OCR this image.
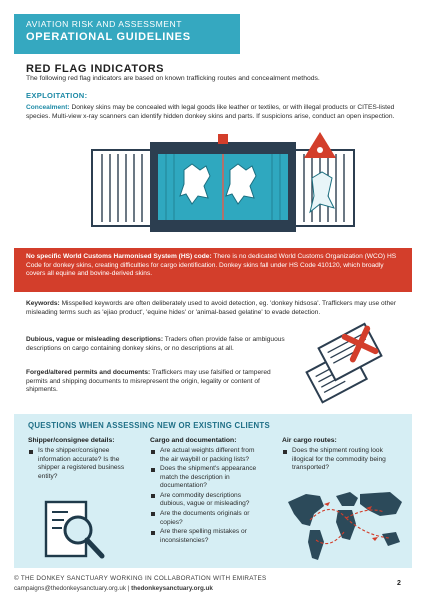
AVIATION RISK AND ASSESSMENT
OPERATIONAL GUIDELINES
RED FLAG INDICATORS
The following red flag indicators are based on known trafficking routes and concealment methods.
EXPLOITATION:
Concealment: Donkey skins may be concealed with legal goods like leather or textiles, or with illegal products or CITES-listed species. Multi-view x-ray scanners can identify hidden donkey skins and parts. If suspicions arise, conduct an open inspection.
No specific World Customs Harmonised System (HS) code: There is no dedicated World Customs Organization (WCO) HS Code for donkey skins, creating difficulties for cargo identification. Donkey skins fall under HS Code 410120, which broadly covers all equine and bovine-derived skins.
Keywords: Misspelled keywords are often deliberately used to avoid detection, eg. 'donkey hidsosa'. Traffickers may use other misleading terms such as 'ejiao product', 'equine hides' or 'animal-based gelatine' to evade detection.
Dubious, vague or misleading descriptions: Traders often provide false or ambiguous descriptions on cargo containing donkey skins, or no descriptions at all.
Forged/altered permits and documents: Traffickers may use falsified or tampered permits and shipping documents to misrepresent the origin, legality or content of shipments.
QUESTIONS WHEN ASSESSING NEW OR EXISTING CLIENTS
Shipper/consignee details:
Is the shipper/consignee information accurate? Is the shipper a registered business entity?
Cargo and documentation:
Are actual weights different from the air waybill or packing lists?
Does the shipment's appearance match the description in documentation?
Are commodity descriptions dubious, vague or misleading?
Are the documents originals or copies?
Are there spelling mistakes or inconsistencies?
Air cargo routes:
Does the shipment routing look illogical for the commodity being transported?
© THE DONKEY SANCTUARY WORKING IN COLLABORATION WITH EMIRATES
campaigns@thedonkeysanctuary.org.uk | thedonkeysanctuary.org.uk
2
